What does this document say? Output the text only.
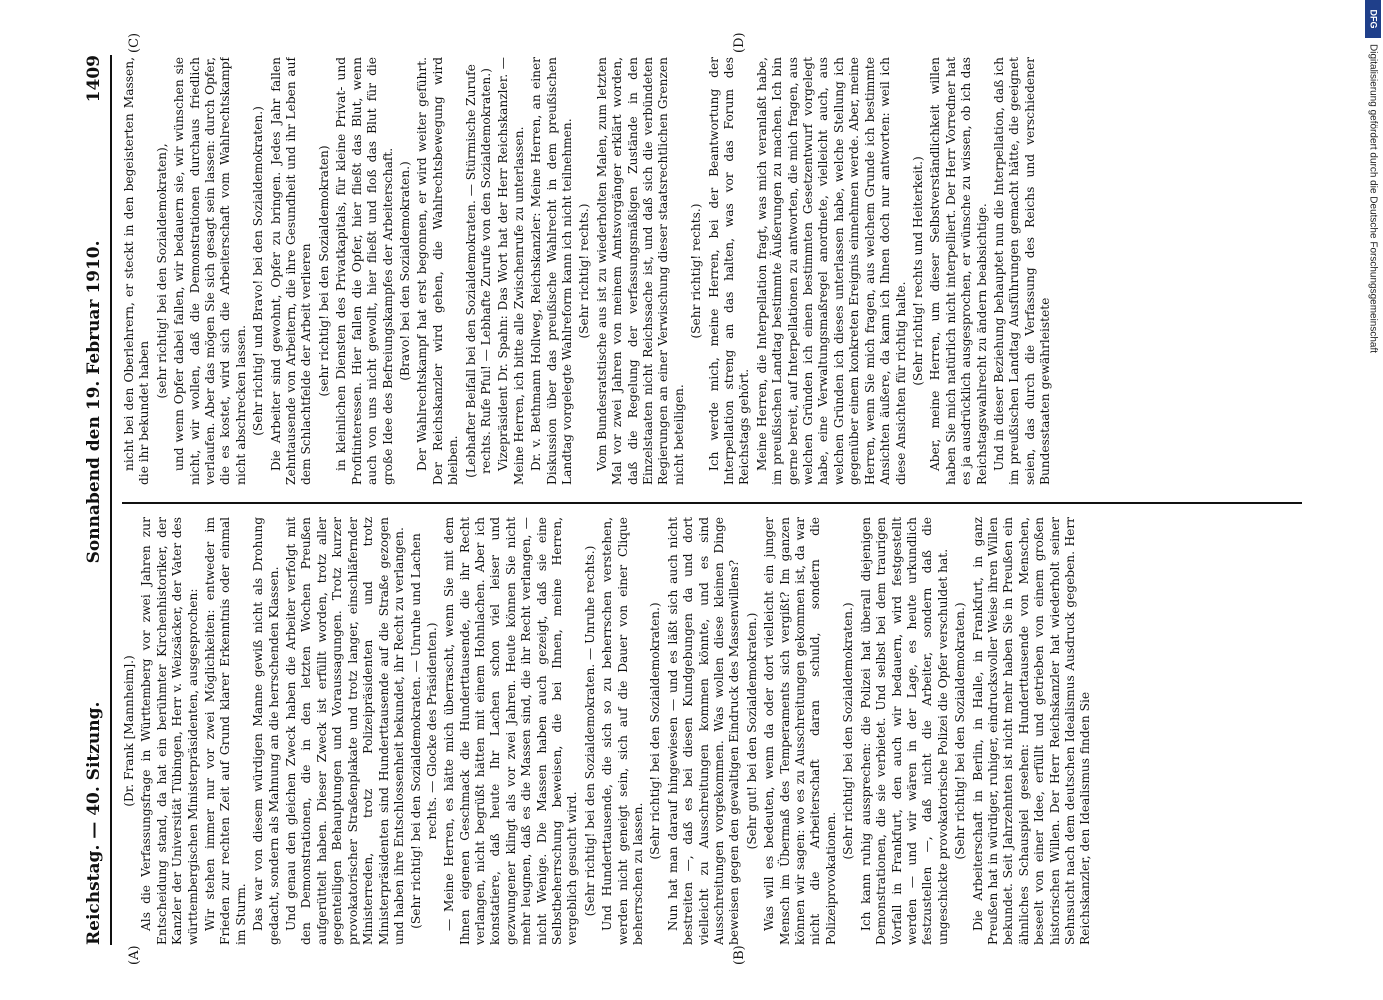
Reichstag. — 40. Sitzung.
Sonnabend den 19. Februar 1910.
1409
(A)	(B)
(C)	(D)

(Dr. Frank [Mannheim].) Als die Verfassungsfrage in Württemberg vor zwei Jahren zur Entscheidung stand, da hat ein berühmter Kirchenhistoriker, der Kanzler der Universität Tübingen, Herr v. Weizsäcker, der Vater des württembergischen Ministerpräsidenten, ausgesprochen: Wir stehen immer nur vor zwei Möglichkeiten: entweder im Frieden zur rechten Zeit auf Grund klarer Erkenntnis oder einmal im Sturm. Das war von diesem würdigen Manne gewiß nicht als Drohung gedacht, sondern als Mahnung an die herrschenden Klassen. Und genau den gleichen Zweck haben die Arbeiter verfolgt mit den Demonstrationen, die in den letzten Wochen Preußen aufgerüttelt haben. Dieser Zweck ist erfüllt worden, trotz aller gegenteiligen Behauptungen und Voraussagungen. Trotz kurzer provokatorischer Straßenplakate und trotz langer, einschläfernder Ministerreden, trotz Polizeipräsidenten und trotz Ministerpräsidenten sind Hunderttausende auf die Straße gezogen und haben ihre Entschlossenheit bekundet, ihr Recht zu verlangen. (Sehr richtig! bei den Sozialdemokraten. — Unruhe und Lachen rechts. — Glocke des Präsidenten.) — Meine Herren, es hätte mich überrascht, wenn Sie mit dem Ihnen eigenen Geschmack die Hunderttausende, die ihr Recht verlangen, nicht begrüßt hätten mit einem Hohnlachen. Aber ich konstatiere, daß heute Ihr Lachen schon viel leiser und gezwungener klingt als vor zwei Jahren. Heute können Sie nicht mehr leugnen, daß es die Massen sind, die ihr Recht verlangen, — nicht Wenige. Die Massen haben auch gezeigt, daß sie eine Selbstbeherrschung beweisen, die bei Ihnen, meine Herren, vergeblich gesucht wird. (Sehr richtig! bei den Sozialdemokraten. — Unruhe rechts.) Und Hunderttausende, die sich so zu beherrschen verstehen, werden nicht geneigt sein, sich auf die Dauer von einer Clique beherrschen zu lassen.

(Sehr richtig! bei den Sozialdemokraten.) Nun hat man darauf hingewiesen — und es läßt sich auch nicht bestreiten —, daß es bei diesen Kundgebungen da und dort vielleicht zu Ausschreitungen kommen könnte, und es sind Ausschreitungen vorgekommen. Was wollen diese kleinen Dinge beweisen gegen den gewaltigen Eindruck des Massenwillens? (Sehr gut! bei den Sozialdemokraten.) Was will es bedeuten, wenn da oder dort vielleicht ein junger Mensch im Übermaß des Temperaments sich vergißt? Im ganzen können wir sagen: wo es zu Ausschreitungen gekommen ist, da war nicht die Arbeiterschaft daran schuld, sondern die Polizeiprovokationen.

(Sehr richtig! bei den Sozialdemokraten.) Ich kann ruhig aussprechen: die Polizei hat überall diejenigen Demonstrationen, die sie verbietet. Und selbst bei dem traurigen Vorfall in Frankfurt, den auch wir bedauern, wird festgestellt werden — und wir wären in der Lage, es heute urkundlich festzustellen —, daß nicht die Arbeiter, sondern daß die ungeschickte provokatorische Polizei die Opfer verschuldet hat. (Sehr richtig! bei den Sozialdemokraten.) Die Arbeiterschaft in Berlin, in Halle, in Frankfurt, in ganz Preußen hat in würdiger, ruhiger, eindrucksvoller Weise ihren Willen bekundet. Seit Jahrzehnten ist nicht mehr haben Sie in Preußen ein ähnliches Schauspiel gesehen: Hunderttausende von Menschen, beseelt von einer Idee, erfüllt und getrieben von einem großen historischen Willen. Der Herr Reichskanzler hat wiederholt seiner Sehnsucht nach dem deutschen Idealismus Ausdruck gegeben. Herr Reichskanzler, den Idealismus finden Sie

nicht bei den Oberlehrern, er steckt in den begeisterten Massen, die ihr bekundet haben

(sehr richtig! bei den Sozialdemokraten), und wenn Opfer dabei fallen, wir bedauern sie, wir wünschen sie nicht, wir wollen, daß die Demonstrationen durchaus friedlich verlaufen. Aber das mögen Sie sich gesagt sein lassen: durch Opfer, die es kostet, wird sich die Arbeiterschaft vom Wahlrechtskampf nicht abschrecken lassen. (Sehr richtig! und Bravo! bei den Sozialdemokraten.) Die Arbeiter sind gewohnt, Opfer zu bringen. Jedes Jahr fallen Zehntausende von Arbeitern, die ihre Gesundheit und ihr Leben auf dem Schlachtfelde der Arbeit verlieren (sehr richtig! bei den Sozialdemokraten) in kleinlichen Diensten des Privatkapitals, für kleine Privat- und Profitinteressen. Hier fallen die Opfer, hier fließt das Blut, wenn auch von uns nicht gewollt, hier fließt und floß das Blut für die große Idee des Befreiungskampfes der Arbeiterschaft. (Bravo! bei den Sozialdemokraten.) Der Wahlrechtskampf hat erst begonnen, er wird weiter geführt. Der Reichskanzler wird gehen, die Wahlrechtsbewegung wird bleiben. (Lebhafter Beifall bei den Sozialdemokraten. — Stürmische Zurufe rechts. Rufe Pfui! — Lebhafte Zurufe von den Sozialdemokraten.) Vizepräsident Dr. Spahn: Das Wort hat der Herr Reichskanzler. — Meine Herren, ich bitte alle Zwischenrufe zu unterlassen. Dr. v. Bethmann Hollweg, Reichskanzler: Meine Herren, an einer Diskussion über das preußische Wahlrecht in dem preußischen Landtag vorgelegte Wahlreform kann ich nicht teilnehmen. (Sehr richtig! rechts.) Vom Bundesratstische aus ist zu wiederholten Malen, zum letzten Mal vor zwei Jahren von meinem Amtsvorgänger erklärt worden, daß die Regelung der verfassungsmäßigen Zustände in den Einzelstaaten nicht Reichssache ist, und daß sich die verbündeten Regierungen an einer Verwischung dieser staatsrechtlichen Grenzen nicht beteiligen.

(Sehr richtig! rechts.) Ich werde mich, meine Herren, bei der Beantwortung der Interpellation streng an das halten, was vor das Forum des Reichstags gehört. Meine Herren, die Interpellation fragt, was mich veranlaßt habe, im preußischen Landtag bestimmte Äußerungen zu machen. Ich bin gerne bereit, auf Interpellationen zu antworten, die mich fragen, aus welchen Gründen ich einen bestimmten Gesetzentwurf vorgelegt habe, eine Verwaltungsmaßregel anordnete, vielleicht auch, aus welchen Gründen ich dieses unterlassen habe, welche Stellung ich gegenüber einem konkreten Ereignis einnehmen werde. Aber, meine Herren, wenn Sie mich fragen, aus welchem Grunde ich bestimmte Ansichten äußere, da kann ich Ihnen doch nur antworten: weil ich diese Ansichten für richtig halte. (Sehr richtig! rechts und Heiterkeit.) Aber, meine Herren, um dieser Selbstverständlichkeit willen haben Sie mich natürlich nicht interpelliert. Der Herr Vorredner hat es ja ausdrücklich ausgesprochen, er wünsche zu wissen, ob ich das Reichstagswahlrecht zu ändern beabsichtige. Und in dieser Beziehung behauptet nun die Interpellation, daß ich im preußischen Landtag Ausführungen gemacht hätte, die geeignet seien, das durch die Verfassung des Reichs und verschiedener Bundesstaaten gewährleistete

DFG
Digitalisierung gefördert durch die Deutsche Forschungsgemeinschaft
